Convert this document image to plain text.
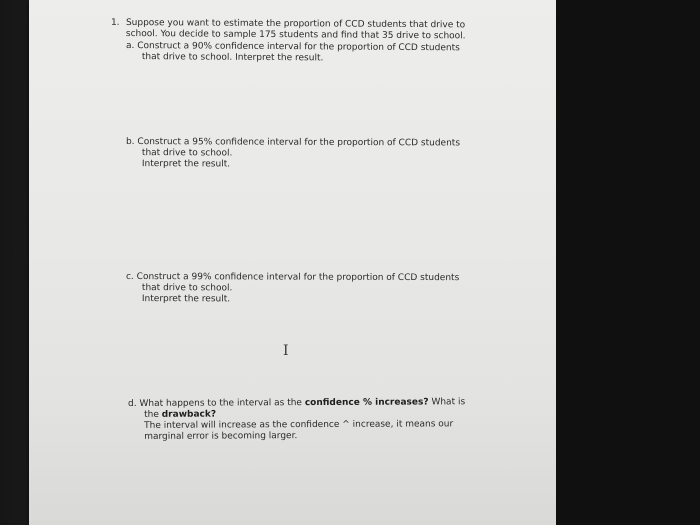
1. Suppose you want to estimate the proportion of CCD students that drive to
school. You decide to sample 175 students and find that 35 drive to school.
a. Construct a 90% confidence interval for the proportion of CCD students
that drive to school. Interpret the result.
b. Construct a 95% confidence interval for the proportion of CCD students
that drive to school.
Interpret the result.
c. Construct a 99% confidence interval for the proportion of CCD students
that drive to school.
Interpret the result.
d. What happens to the interval as the confidence % increases? What is
the drawback?
The interval will increase as the confidence ^ increase, it means our
marginal error is becoming larger.
I
